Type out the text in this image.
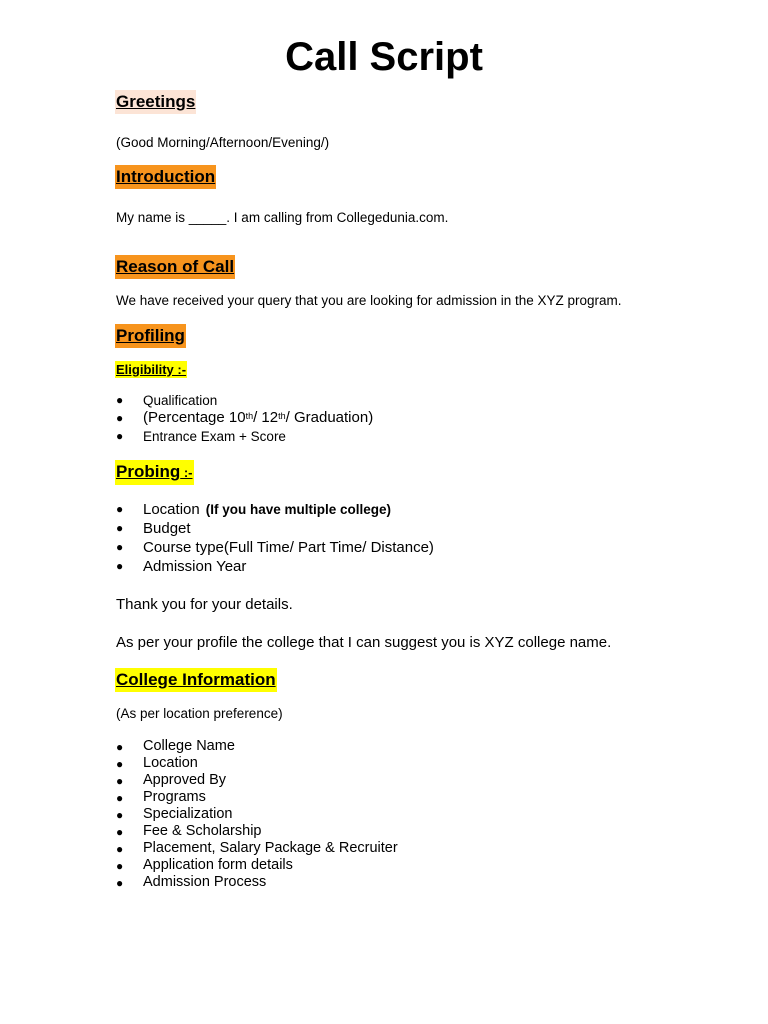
Call Script
Greetings
(Good Morning/Afternoon/Evening/)
Introduction
My name is _____. I am calling from Collegedunia.com.
Reason of Call
We have received your query that you are looking for admission in the XYZ program.
Profiling
Eligibility :-
● Qualification
● (Percentage 10th/ 12th/ Graduation)
● Entrance Exam + Score
Probing :-
● Location (If you have multiple college)
● Budget
● Course type(Full Time/ Part Time/ Distance)
● Admission Year
Thank you for your details.
As per your profile the college that I can suggest you is XYZ college name.
College Information
(As per location preference)
● College Name
● Location
● Approved By
● Programs
● Specialization
● Fee & Scholarship
● Placement, Salary Package & Recruiter
● Application form details
● Admission Process
